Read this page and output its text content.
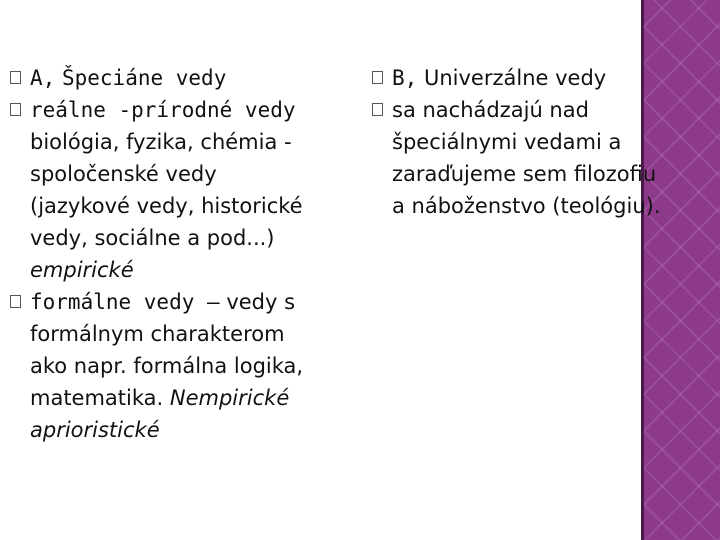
A, Špeciáne vedy
reálne -prírodné vedy
biológia, fyzika, chémia -
spoločenské vedy
(jazykové vedy, historické
vedy, sociálne a pod...)
empirické
formálne vedy – vedy s
formálnym charakterom
ako napr. formálna logika,
matematika. Nempirické
aprioristické
B, Univerzálne vedy
sa nachádzajú nad
špeciálnymi vedami a
zaraďujeme sem filozofiu
a náboženstvo (teológiu).
